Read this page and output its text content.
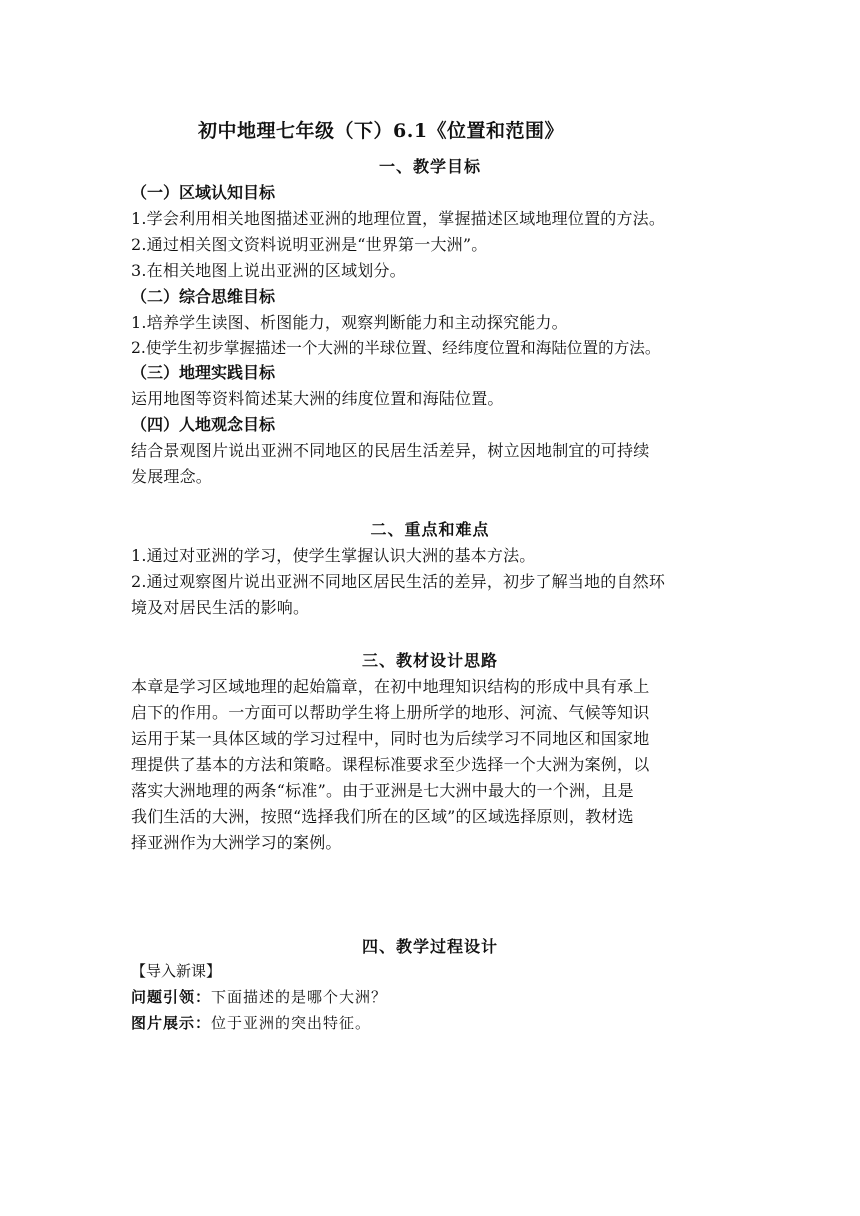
初中地理七年级（下）6.1《位置和范围》
一、教学目标
（一）区域认知目标
1.学会利用相关地图描述亚洲的地理位置，掌握描述区域地理位置的方法。
2.通过相关图文资料说明亚洲是“世界第一大洲”。
3.在相关地图上说出亚洲的区域划分。
（二）综合思维目标
1.培养学生读图、析图能力，观察判断能力和主动探究能力。
2.使学生初步掌握描述一个大洲的半球位置、经纬度位置和海陆位置的方法。
（三）地理实践目标
运用地图等资料简述某大洲的纬度位置和海陆位置。
（四）人地观念目标
结合景观图片说出亚洲不同地区的民居生活差异，树立因地制宜的可持续
发展理念。
二、重点和难点
1.通过对亚洲的学习，使学生掌握认识大洲的基本方法。
2.通过观察图片说出亚洲不同地区居民生活的差异，初步了解当地的自然环
境及对居民生活的影响。
三、教材设计思路
本章是学习区域地理的起始篇章，在初中地理知识结构的形成中具有承上
启下的作用。一方面可以帮助学生将上册所学的地形、河流、气候等知识
运用于某一具体区域的学习过程中，同时也为后续学习不同地区和国家地
理提供了基本的方法和策略。课程标准要求至少选择一个大洲为案例，以
落实大洲地理的两条“标准”。由于亚洲是七大洲中最大的一个洲，且是
我们生活的大洲，按照“选择我们所在的区域”的区域选择原则，教材选
择亚洲作为大洲学习的案例。
四、教学过程设计
【导入新课】
问题引领：下面描述的是哪个大洲？
图片展示：位于亚洲的突出特征。
